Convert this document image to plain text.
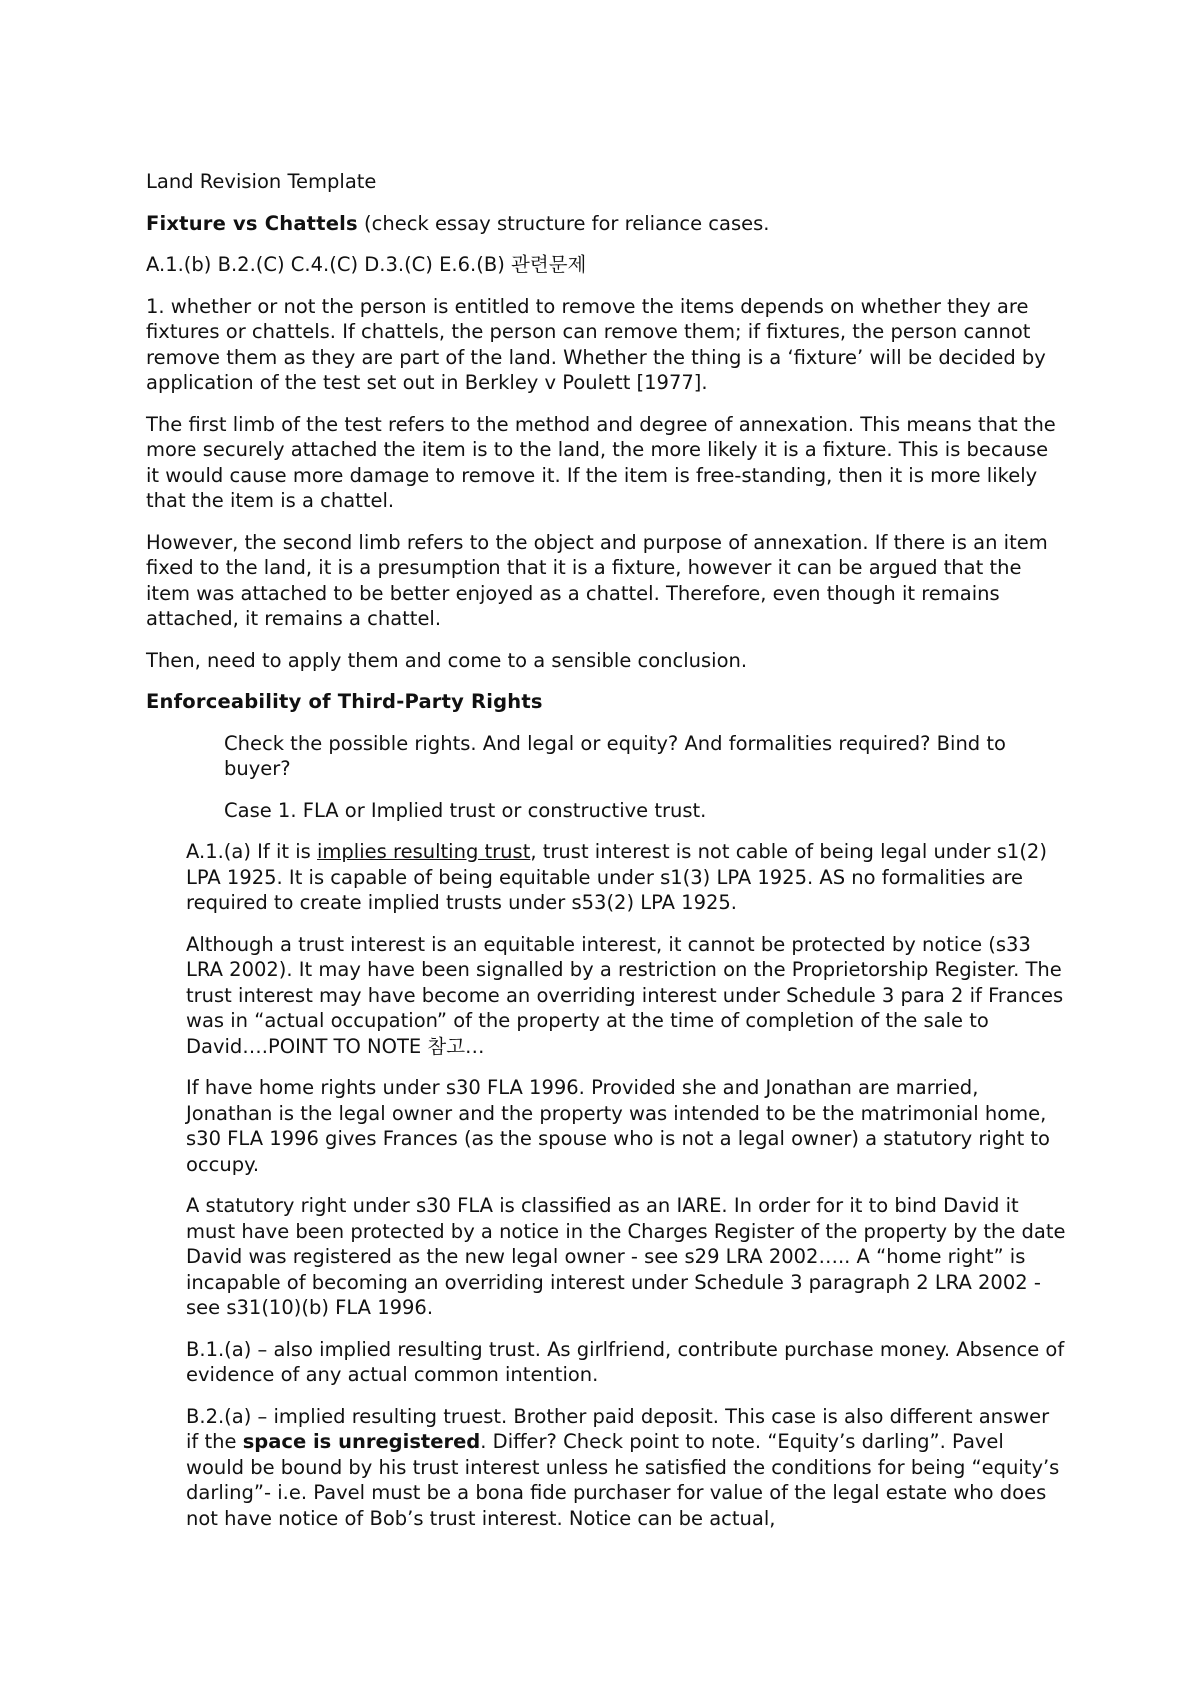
Land Revision Template

Fixture vs Chattels (check essay structure for reliance cases.

A.1.(b) B.2.(C) C.4.(C) D.3.(C) E.6.(B) 관련문제

1. whether or not the person is entitled to remove the items depends on whether they are fixtures or chattels. If chattels, the person can remove them; if fixtures, the person cannot remove them as they are part of the land. Whether the thing is a ‘fixture’ will be decided by application of the test set out in Berkley v Poulett [1977].

The first limb of the test refers to the method and degree of annexation. This means that the more securely attached the item is to the land, the more likely it is a fixture. This is because it would cause more damage to remove it. If the item is free-standing, then it is more likely that the item is a chattel.

However, the second limb refers to the object and purpose of annexation. If there is an item fixed to the land, it is a presumption that it is a fixture, however it can be argued that the item was attached to be better enjoyed as a chattel. Therefore, even though it remains attached, it remains a chattel.

Then, need to apply them and come to a sensible conclusion.

Enforceability of Third-Party Rights

Check the possible rights. And legal or equity? And formalities required? Bind to buyer?

Case 1. FLA or Implied trust or constructive trust.

A.1.(a) If it is implies resulting trust, trust interest is not cable of being legal under s1(2) LPA 1925. It is capable of being equitable under s1(3) LPA 1925. AS no formalities are required to create implied trusts under s53(2) LPA 1925.

Although a trust interest is an equitable interest, it cannot be protected by notice (s33 LRA 2002). It may have been signalled by a restriction on the Proprietorship Register. The trust interest may have become an overriding interest under Schedule 3 para 2 if Frances was in “actual occupation” of the property at the time of completion of the sale to David….POINT TO NOTE 참고…

If have home rights under s30 FLA 1996. Provided she and Jonathan are married, Jonathan is the legal owner and the property was intended to be the matrimonial home, s30 FLA 1996 gives Frances (as the spouse who is not a legal owner) a statutory right to occupy.

A statutory right under s30 FLA is classified as an IARE. In order for it to bind David it must have been protected by a notice in the Charges Register of the property by the date David was registered as the new legal owner - see s29 LRA 2002….. A “home right” is incapable of becoming an overriding interest under Schedule 3 paragraph 2 LRA 2002 - see s31(10)(b) FLA 1996.

B.1.(a) – also implied resulting trust. As girlfriend, contribute purchase money. Absence of evidence of any actual common intention.

B.2.(a) – implied resulting truest. Brother paid deposit. This case is also different answer if the space is unregistered. Differ? Check point to note. “Equity’s darling”. Pavel would be bound by his trust interest unless he satisfied the conditions for being “equity’s darling”- i.e. Pavel must be a bona fide purchaser for value of the legal estate who does not have notice of Bob’s trust interest. Notice can be actual,
